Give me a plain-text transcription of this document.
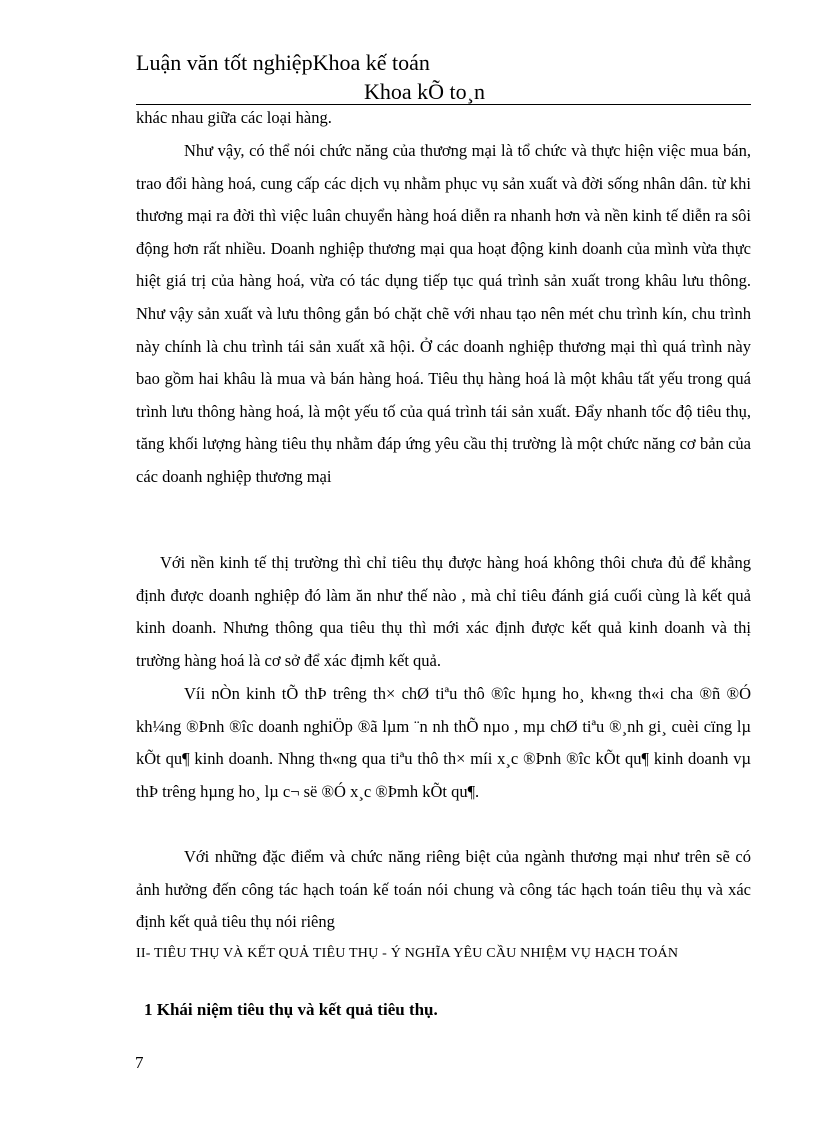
Luận văn tốt nghiệpKhoa kế toán
Khoa kÕ to¸n

khác nhau giữa các loại hàng.

Như vậy, có thể nói chức năng của thương mại là tổ chức và thực hiện việc mua bán, trao đổi hàng hoá, cung cấp các dịch vụ nhằm phục vụ sản xuất và đời sống nhân dân. từ khi thương mại ra đời thì việc luân chuyển hàng hoá diễn ra nhanh hơn và nền kinh tế diễn ra sôi động hơn rất nhiều. Doanh nghiệp thương mại qua hoạt động kinh doanh của mình vừa thực hiệt giá trị của hàng hoá, vừa có tác dụng tiếp tục quá trình sản xuất trong khâu lưu thông. Như vậy sản xuất và lưu thông gắn bó chặt chẽ với nhau tạo nên mét chu trình kín, chu trình này chính là chu trình tái sản xuất xã hội. Ở các doanh nghiệp thương mại thì quá trình này bao gồm hai khâu là mua và bán hàng hoá. Tiêu thụ hàng hoá là một khâu tất yếu trong quá trình lưu thông hàng hoá, là một yếu tố của quá trình tái sản xuất. Đẩy nhanh tốc độ tiêu thụ, tăng khối lượng hàng tiêu thụ nhằm đáp ứng yêu cầu thị trường là một chức năng cơ bản của các doanh nghiệp thương mại

Với nền kinh tế thị trường thì chỉ tiêu thụ được hàng hoá không thôi chưa đủ để khẳng định được doanh nghiệp đó làm ăn như thế nào , mà chỉ tiêu đánh giá cuối cùng là kết quả kinh doanh. Nhưng thông qua tiêu thụ thì mới xác định được kết quả kinh doanh và thị trường hàng hoá là cơ sở để xác địmh kết quả.

Víi nÒn kinh tÕ thÞ trêng th× chØ tiªu thô ®îc hµng ho¸ kh«ng th«i cha ®ñ ®Ó kh¼ng ®Þnh ®îc doanh nghiÖp ®ã lµm ¨n nh thÕ nµo , mµ chØ tiªu ®¸nh gi¸ cuèi cïng lµ kÕt qu¶ kinh doanh. Nhng th«ng qua tiªu thô th× míi x¸c ®Þnh ®îc kÕt qu¶ kinh doanh vµ thÞ trêng hµng ho¸ lµ c¬ së ®Ó x¸c ®Þmh kÕt qu¶.

Với những đặc điểm và chức năng riêng biệt của ngành thương mại như trên sẽ có ảnh hưởng đến công tác hạch toán kế toán nói chung và công tác hạch toán tiêu thụ và xác định kết quả tiêu thụ nói riêng

II- TIÊU THỤ VÀ KẾT QUẢ TIÊU THỤ - Ý NGHĨA YÊU CẦU NHIỆM VỤ HẠCH TOÁN

1 Khái niệm tiêu thụ và kết quả tiêu thụ.
7
